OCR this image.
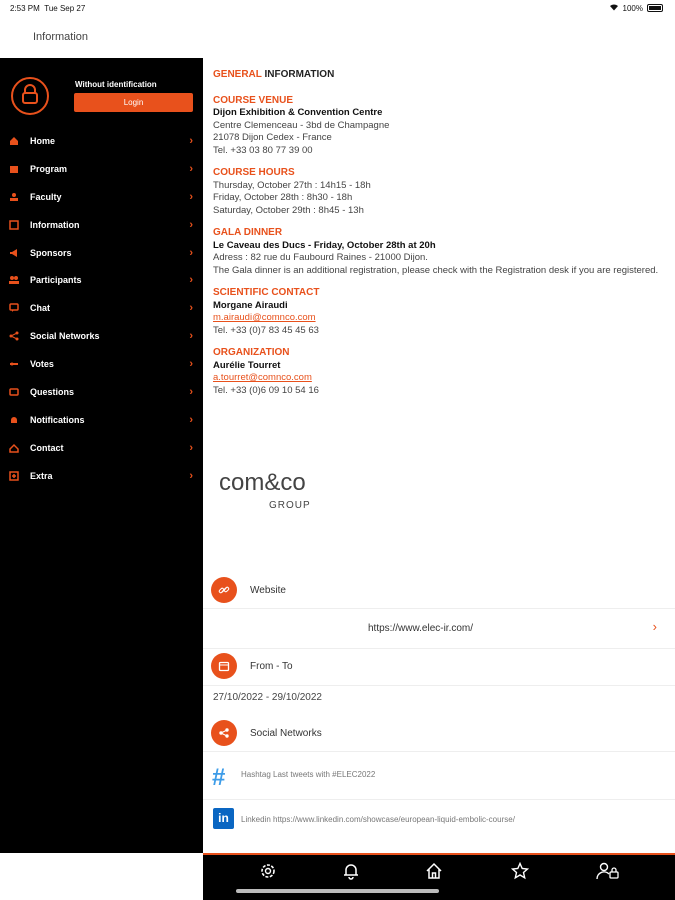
2:53 PM Tue Sep 27	100%
Information
Without identification
Login
Home	›
Program	›
Faculty	›
Information	›
Sponsors	›
Participants	›
Chat	›
Social Networks	›
Votes	›
Questions	›
Notifications	›
Contact	›
Extra	›
GENERAL INFORMATION
COURSE VENUE
Dijon Exhibition & Convention Centre
Centre Clemenceau - 3bd de Champagne
21078 Dijon Cedex - France
Tel. +33 03 80 77 39 00
COURSE HOURS
Thursday, October 27th : 14h15 - 18h
Friday, October 28th : 8h30 - 18h
Saturday, October 29th : 8h45 - 13h
GALA DINNER
Le Caveau des Ducs - Friday, October 28th at 20h
Adress : 82 rue du Faubourd Raines - 21000 Dijon.
The Gala dinner is an additional registration, please check with the Registration desk if you are registered.
SCIENTIFIC CONTACT
Morgane Airaudi
m.airaudi@comnco.com
Tel. +33 (0)7 83 45 45 63
ORGANIZATION
Aurélie Tourret
a.tourret@comnco.com
Tel. +33 (0)6 09 10 54 16
com&co
GROUP
Website
https://www.elec-ir.com/	›
From - To
27/10/2022 - 29/10/2022
Social Networks
# Hashtag Last tweets with #ELEC2022
in	Linkedin https://www.linkedin.com/showcase/european-liquid-embolic-course/
